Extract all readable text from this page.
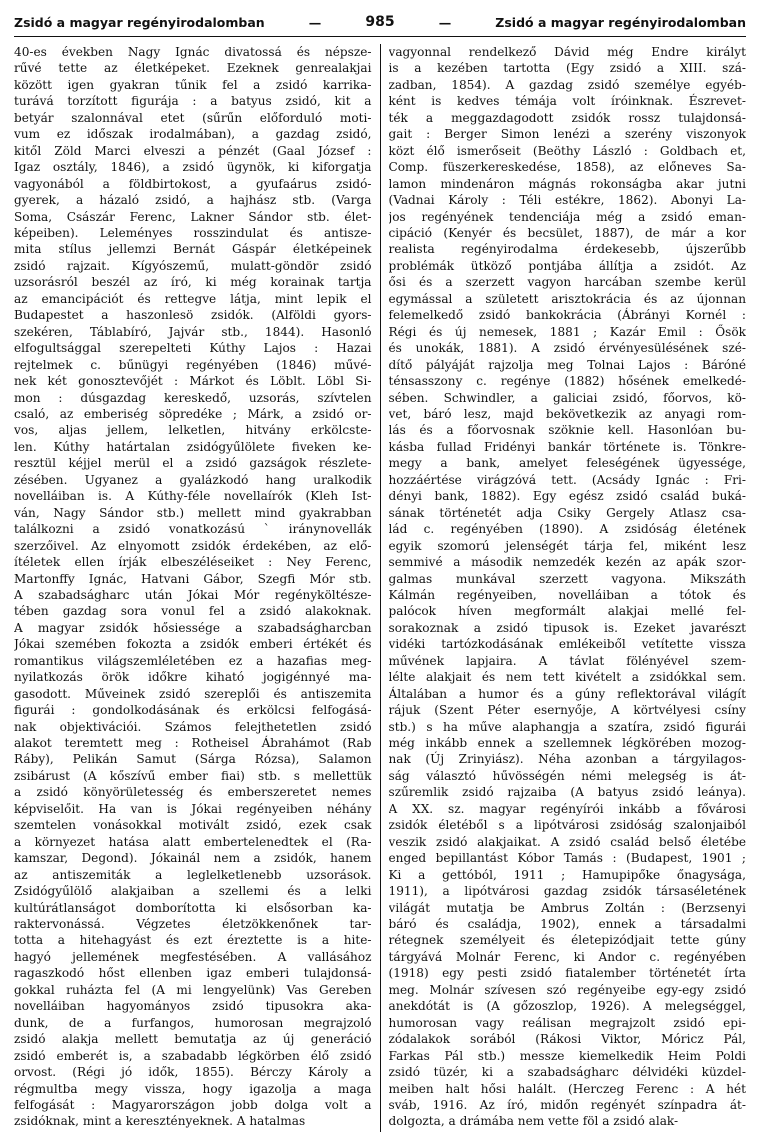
Zsidó a magyar regényirodalomban	—	985	—	Zsidó a magyar regényirodalomban
40-es években Nagy Ignác divatossá és népsze-
rűvé tette az életképeket. Ezeknek genrealakjai
között igen gyakran tűnik fel a zsidó karrika-
turává torzított figurája : a batyus zsidó, kit a
betyár szalonnával etet (sűrűn előforduló moti-
vum ez időszak irodalmában), a gazdag zsidó,
kitől Zöld Marci elveszi a pénzét (Gaal József :
Igaz osztály, 1846), a zsidó ügynök, ki kiforgatja
vagyonából a földbirtokost, a gyufaárus zsidó-
gyerek, a házaló zsidó, a hajhász stb. (Varga
Soma, Császár Ferenc, Lakner Sándor stb. élet-
képeiben). Leleményes rosszindulat és antisze-
mita stílus jellemzi Bernát Gáspár életképeinek
zsidó rajzait. Kígyószemű, mulatt-göndör zsidó
uzsorásról beszél az író, ki még korainak tartja
az emancipációt és rettegve látja, mint lepik el
Budapestet a haszonlesö zsidók. (Alföldi gyors-
szekéren, Táblabíró, Jajvár stb., 1844). Hasonló
elfogultsággal szerepelteti Kúthy Lajos : Hazai
rejtelmek c. bűnügyi regényében (1846) művé-
nek két gonosztevőjét : Márkot és Löblt. Löbl Si-
mon : dúsgazdag kereskedő, uzsorás, szívtelen
csaló, az emberiség söpredéke ; Márk, a zsidó or-
vos, aljas jellem, lelketlen, hitvány erkölcste-
len. Kúthy határtalan zsidógyűlölete fiveken ke-
resztül kéjjel merül el a zsidó gazságok részlete-
zésében. Ugyanez a gyalázkodó hang uralkodik
novelláiban is. A Kúthy-féle novellaírók (Kleh Ist-
ván, Nagy Sándor stb.) mellett mind gyakrabban
találkozni a zsidó vonatkozású ` iránynovellák
szerzőivel. Az elnyomott zsidók érdekében, az elő-
ítéletek ellen írják elbeszéléseiket : Ney Ferenc,
Martonffy Ignác, Hatvani Gábor, Szegfi Mór stb.
A szabadságharc után Jókai Mór regényköltésze-
tében gazdag sora vonul fel a zsidó alakoknak.
A magyar zsidók hősiessége a szabadságharcban
Jókai szemében fokozta a zsidók emberi értékét és
romantikus világszemléletében ez a hazafias meg-
nyilatkozás örök időkre kiható jogigénnyé ma-
gasodott. Műveinek zsidó szereplői és antiszemita
figurái : gondolkodásának és erkölcsi felfogásá-
nak objektivációi. Számos felejthetetlen zsidó
alakot teremtett meg : Rotheisel Ábrahámot (Rab
Ráby), Pelikán Samut (Sárga Rózsa), Salamon
zsibárust (A kőszívű ember fiai) stb. s mellettük
a zsidó könyörületesség és emberszeretet nemes
képviselőit. Ha van is Jókai regényeiben néhány
szemtelen vonásokkal motivált zsidó, ezek csak
a környezet hatása alatt embertelenedtek el (Ra-
kamszar, Degond). Jókainál nem a zsidók, hanem
az antiszemiták a leglelketlenebb uzsorások.
Zsidógyűlölő alakjaiban a szellemi és a lelki
kultúrátlanságot domborította ki elsősorban ka-
raktervonássá. Végzetes életzökkenőnek tar-
totta a hitehagyást és ezt éreztette is a hite-
hagyó jellemének megfestésében. A vallásához
ragaszkodó hőst ellenben igaz emberi tulajdonsá-
gokkal ruházta fel (A mi lengyelünk) Vas Gereben
novelláiban hagyományos zsidó tipusokra aka-
dunk, de a furfangos, humorosan megrajzoló
zsidó alakja mellett bemutatja az új generáció
zsidó emberét is, a szabadabb légkörben élő zsidó
orvost. (Régi jó idők, 1855). Bérczy Károly a
régmultba megy vissza, hogy igazolja a maga
felfogását : Magyarországon jobb dolga volt a
zsidóknak, mint a keresztényeknek. A hatalmas
vagyonnal rendelkező Dávid még Endre királyt
is a kezében tartotta (Egy zsidó a XIII. szá-
zadban, 1854). A gazdag zsidó személye egyéb-
ként is kedves témája volt íróinknak. Észrevet-
ték a meggazdagodott zsidók rossz tulajdonsá-
gait : Berger Simon lenézi a szerény viszonyok
közt élő ismerőseit (Beöthy László : Goldbach et,
Comp. füszerkereskedése, 1858), az előneves Sa-
lamon mindenáron mágnás rokonságba akar jutni
(Vadnai Károly : Téli estékre, 1862). Abonyi La-
jos regényének tendenciája még a zsidó eman-
cipáció (Kenyér és becsület, 1887), de már a kor
realista regényirodalma érdekesebb, újszerűbb
problémák ütköző pontjába állítja a zsidót. Az
ősi és a szerzett vagyon harcában szembe kerül
egymással a született arisztokrácia és az újonnan
felemelkedő zsidó bankokrácia (Ábrányi Kornél :
Régi és új nemesek, 1881 ; Kazár Emil : Ősök
és unokák, 1881). A zsidó érvényesülésének szé-
dítő pályáját rajzolja meg Tolnai Lajos : Báróné
ténsasszony c. regénye (1882) hősének emelkedé-
sében. Schwindler, a galiciai zsidó, főorvos, kö-
vet, báró lesz, majd bekövetkezik az anyagi rom-
lás és a főorvosnak szöknie kell. Hasonlóan bu-
kásba fullad Fridényi bankár története is. Tönkre-
megy a bank, amelyet feleségének ügyessége,
hozzáértése virágzóvá tett. (Acsády Ignác : Fri-
dényi bank, 1882). Egy egész zsidó család buká-
sának történetét adja Csiky Gergely Atlasz csa-
lád c. regényében (1890). A zsidóság életének
egyik szomorú jelenségét tárja fel, miként lesz
semmivé a második nemzedék kezén az apák szor-
galmas munkával szerzett vagyona. Mikszáth
Kálmán regényeiben, novelláiban a tótok és
palócok híven megformált alakjai mellé fel-
sorakoznak a zsidó tipusok is. Ezeket javarészt
vidéki tartózkodásának emlékeiből vetítette vissza
művének lapjaira. A távlat fölényével szem-
lélte alakjait és nem tett kivételt a zsidókkal sem.
Általában a humor és a gúny reflektorával világít
rájuk (Szent Péter esernyője, A körtvélyesi csíny
stb.) s ha műve alaphangja a szatíra, zsidó figurái
még inkább ennek a szellemnek légkörében mozog-
nak (Új Zrinyiász). Néha azonban a tárgyilagos-
ság választó hűvösségén némi melegség is át-
szűremlik zsidó rajzaiba (A batyus zsidó leánya).
A XX. sz. magyar regényírói inkább a fővárosi
zsidók életéből s a lipótvárosi zsidóság szalonjaiból
veszik zsidó alakjaikat. A zsidó család belső életébe
enged bepillantást Kóbor Tamás : (Budapest, 1901 ;
Ki a gettóból, 1911 ; Hamupipőke őnagysága,
1911), a lipótvárosi gazdag zsidók társaséletének
világát mutatja be Ambrus Zoltán : (Berzsenyi
báró és családja, 1902), ennek a társadalmi
rétegnek személyeit és életepizódjait tette gúny
tárgyává Molnár Ferenc, ki Andor c. regényében
(1918) egy pesti zsidó fiatalember történetét írta
meg. Molnár szívesen szó regényeibe egy-egy zsidó
anekdótát is (A gőzoszlop, 1926). A melegséggel,
humorosan vagy reálisan megrajzolt zsidó epi-
zódalakok sorából (Rákosi Viktor, Móricz Pál,
Farkas Pál stb.) messze kiemelkedik Heim Poldi
zsidó tüzér, ki a szabadságharc délvidéki küzdel-
meiben halt hősi halált. (Herczeg Ferenc : A hét
sváb, 1916. Az író, midőn regényét színpadra át-
dolgozta, a drámába nem vette föl a zsidó alak-
